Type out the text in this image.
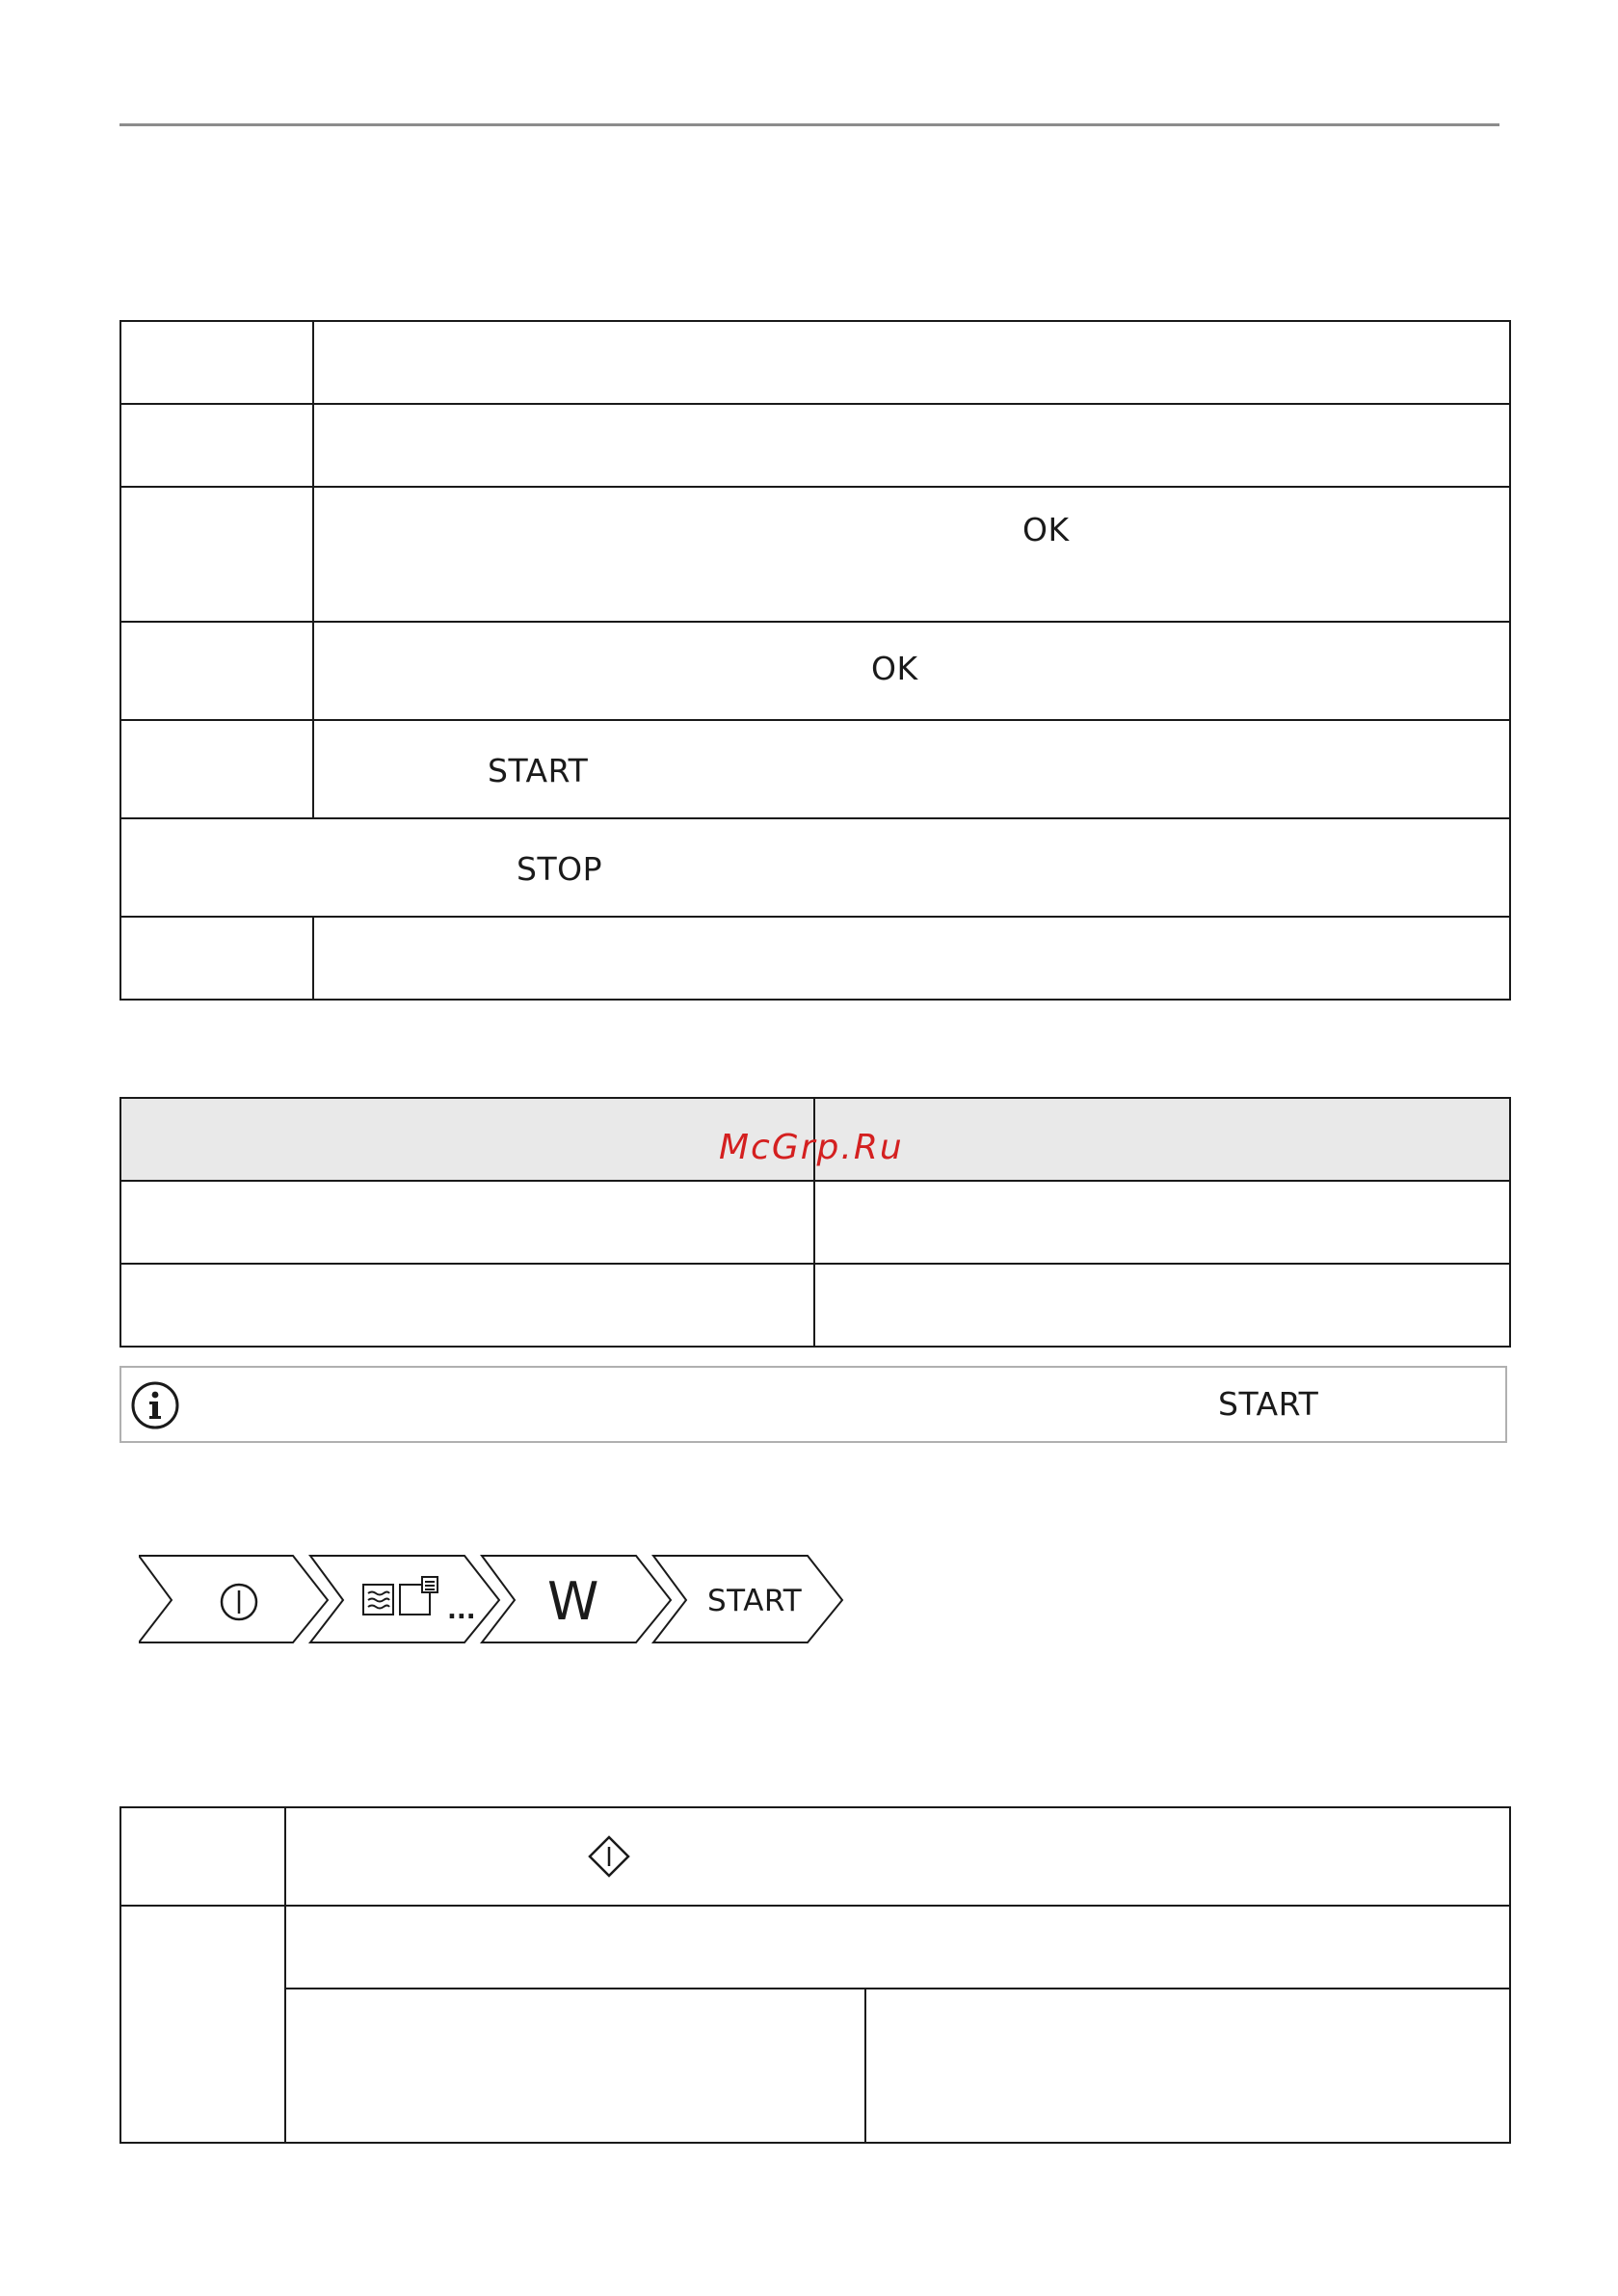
	OK

	OK

	START

STOP	

McGrp.Ru
START
... W	START
